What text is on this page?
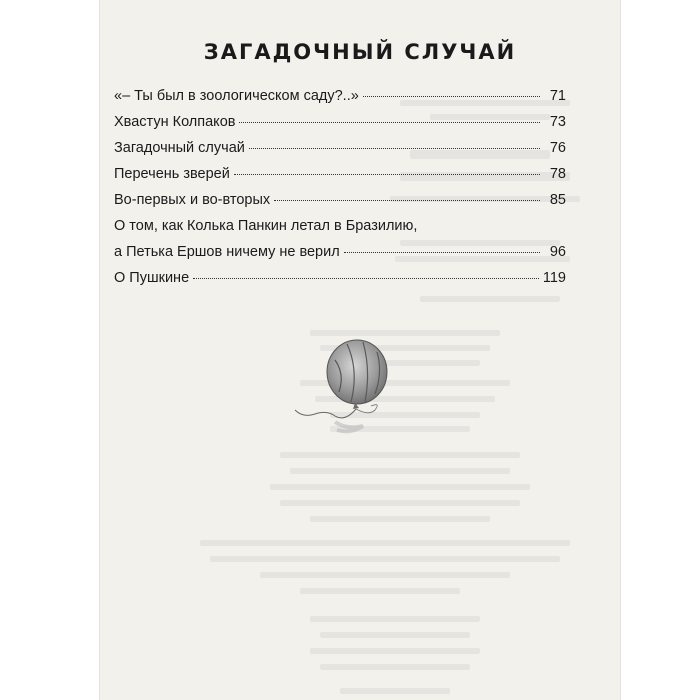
ЗАГАДОЧНЫЙ СЛУЧАЙ
«– Ты был в зоологическом саду?..»	71
Хвастун Колпаков	73
Загадочный случай	76
Перечень зверей	78
Во-первых и во-вторых	85
О том, как Колька Панкин летал в Бразилию,
а Петька Ершов ничему не верил	96
О Пушкине	119
